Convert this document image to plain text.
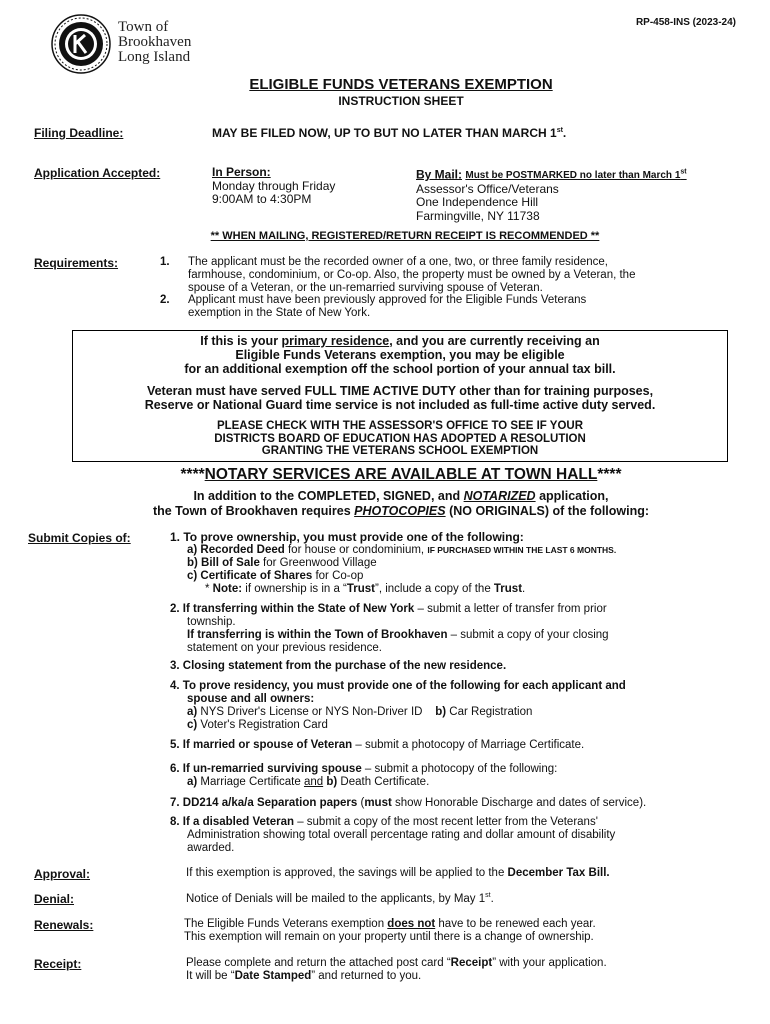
Town of
Brookhaven
Long Island
RP-458-INS (2023-24)
ELIGIBLE FUNDS VETERANS EXEMPTION
INSTRUCTION SHEET
Filing Deadline:	MAY BE FILED NOW, UP TO BUT NO LATER THAN MARCH 1st.
Application Accepted:	In Person:
Monday through Friday
9:00AM to 4:30PM
By Mail: Must be POSTMARKED no later than March 1st
Assessor's Office/Veterans
One Independence Hill
Farmingville, NY 11738
** WHEN MAILING, REGISTERED/RETURN RECEIPT IS RECOMMENDED **
Requirements:	1.	The applicant must be the recorded owner of a one, two, or three family residence,
farmhouse, condominium, or Co-op. Also, the property must be owned by a Veteran, the
spouse of a Veteran, or the un-remarried surviving spouse of Veteran.
2.	Applicant must have been previously approved for the Eligible Funds Veterans
exemption in the State of New York.
If this is your primary residence, and you are currently receiving an
Eligible Funds Veterans exemption, you may be eligible
for an additional exemption off the school portion of your annual tax bill.
Veteran must have served FULL TIME ACTIVE DUTY other than for training purposes,
Reserve or National Guard time service is not included as full-time active duty served.
PLEASE CHECK WITH THE ASSESSOR'S OFFICE TO SEE IF YOUR
DISTRICTS BOARD OF EDUCATION HAS ADOPTED A RESOLUTION
GRANTING THE VETERANS SCHOOL EXEMPTION
****NOTARY SERVICES ARE AVAILABLE AT TOWN HALL****
In addition to the COMPLETED, SIGNED, and NOTARIZED application,
the Town of Brookhaven requires PHOTOCOPIES (NO ORIGINALS) of the following:
Submit Copies of:	1. To prove ownership, you must provide one of the following:
a) Recorded Deed for house or condominium, IF PURCHASED WITHIN THE LAST 6 MONTHS.
b) Bill of Sale for Greenwood Village
c) Certificate of Shares for Co-op
* Note: if ownership is in a “Trust”, include a copy of the Trust.
2. If transferring within the State of New York – submit a letter of transfer from prior
township.
If transferring is within the Town of Brookhaven – submit a copy of your closing
statement on your previous residence.
3. Closing statement from the purchase of the new residence.
4. To prove residency, you must provide one of the following for each applicant and
spouse and all owners:
a) NYS Driver's License or NYS Non-Driver ID b) Car Registration
c) Voter's Registration Card
5. If married or spouse of Veteran – submit a photocopy of Marriage Certificate.
6. If un-remarried surviving spouse – submit a photocopy of the following:
a) Marriage Certificate and b) Death Certificate.
7. DD214 a/ka/a Separation papers (must show Honorable Discharge and dates of service).
8. If a disabled Veteran – submit a copy of the most recent letter from the Veterans'
Administration showing total overall percentage rating and dollar amount of disability
awarded.
Approval:	If this exemption is approved, the savings will be applied to the December Tax Bill.
Denial:	Notice of Denials will be mailed to the applicants, by May 1st.
Renewals:	The Eligible Funds Veterans exemption does not have to be renewed each year.
This exemption will remain on your property until there is a change of ownership.
Receipt:	Please complete and return the attached post card “Receipt” with your application.
It will be “Date Stamped” and returned to you.
